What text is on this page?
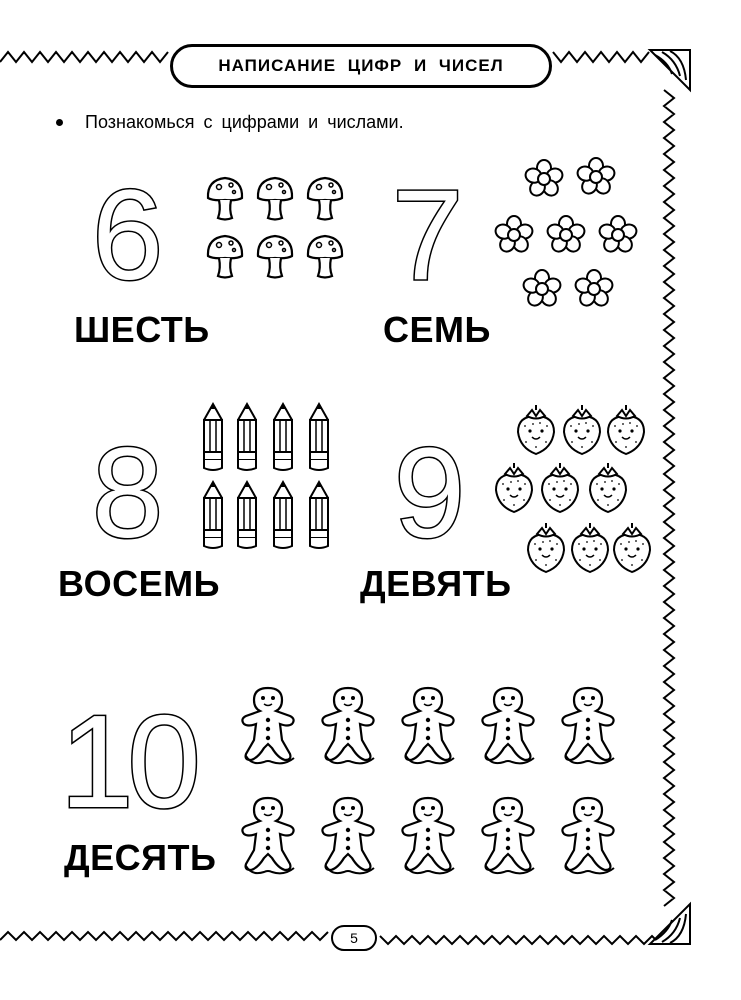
НАПИСАНИЕ ЦИФР И ЧИСЕЛ
Познакомься с цифрами и числами.
6
ШЕСТЬ
7
СЕМЬ
8
ВОСЕМЬ
9
ДЕВЯТЬ
10
ДЕСЯТЬ
5
